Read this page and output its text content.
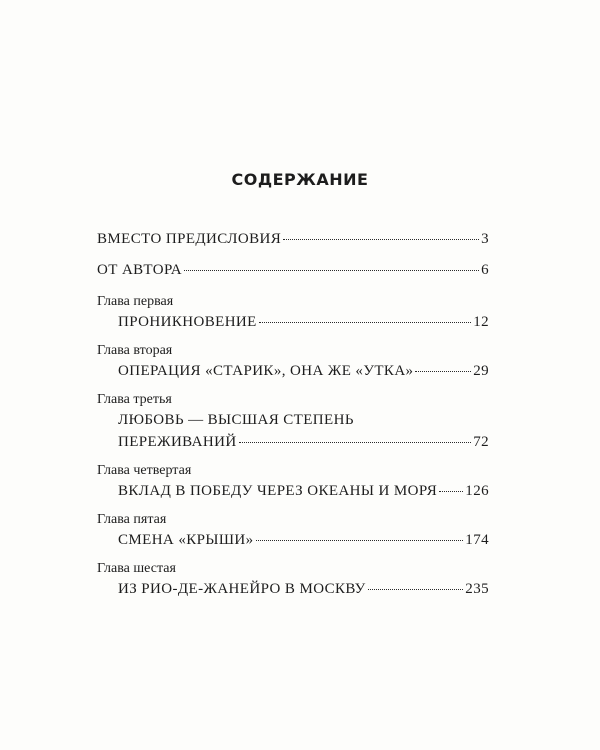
СОДЕРЖАНИЕ
ВМЕСТО ПРЕДИСЛОВИЯ	3
ОТ АВТОРА	6
Глава первая
ПРОНИКНОВЕНИЕ	12
Глава вторая
ОПЕРАЦИЯ «СТАРИК», ОНА ЖЕ «УТКА»	29
Глава третья
ЛЮБОВЬ — ВЫСШАЯ СТЕПЕНЬ
ПЕРЕЖИВАНИЙ	72
Глава четвертая
ВКЛАД В ПОБЕДУ ЧЕРЕЗ ОКЕАНЫ И МОРЯ 126
Глава пятая
СМЕНА «КРЫШИ»	174
Глава шестая
ИЗ РИО-ДЕ-ЖАНЕЙРО В МОСКВУ	235
